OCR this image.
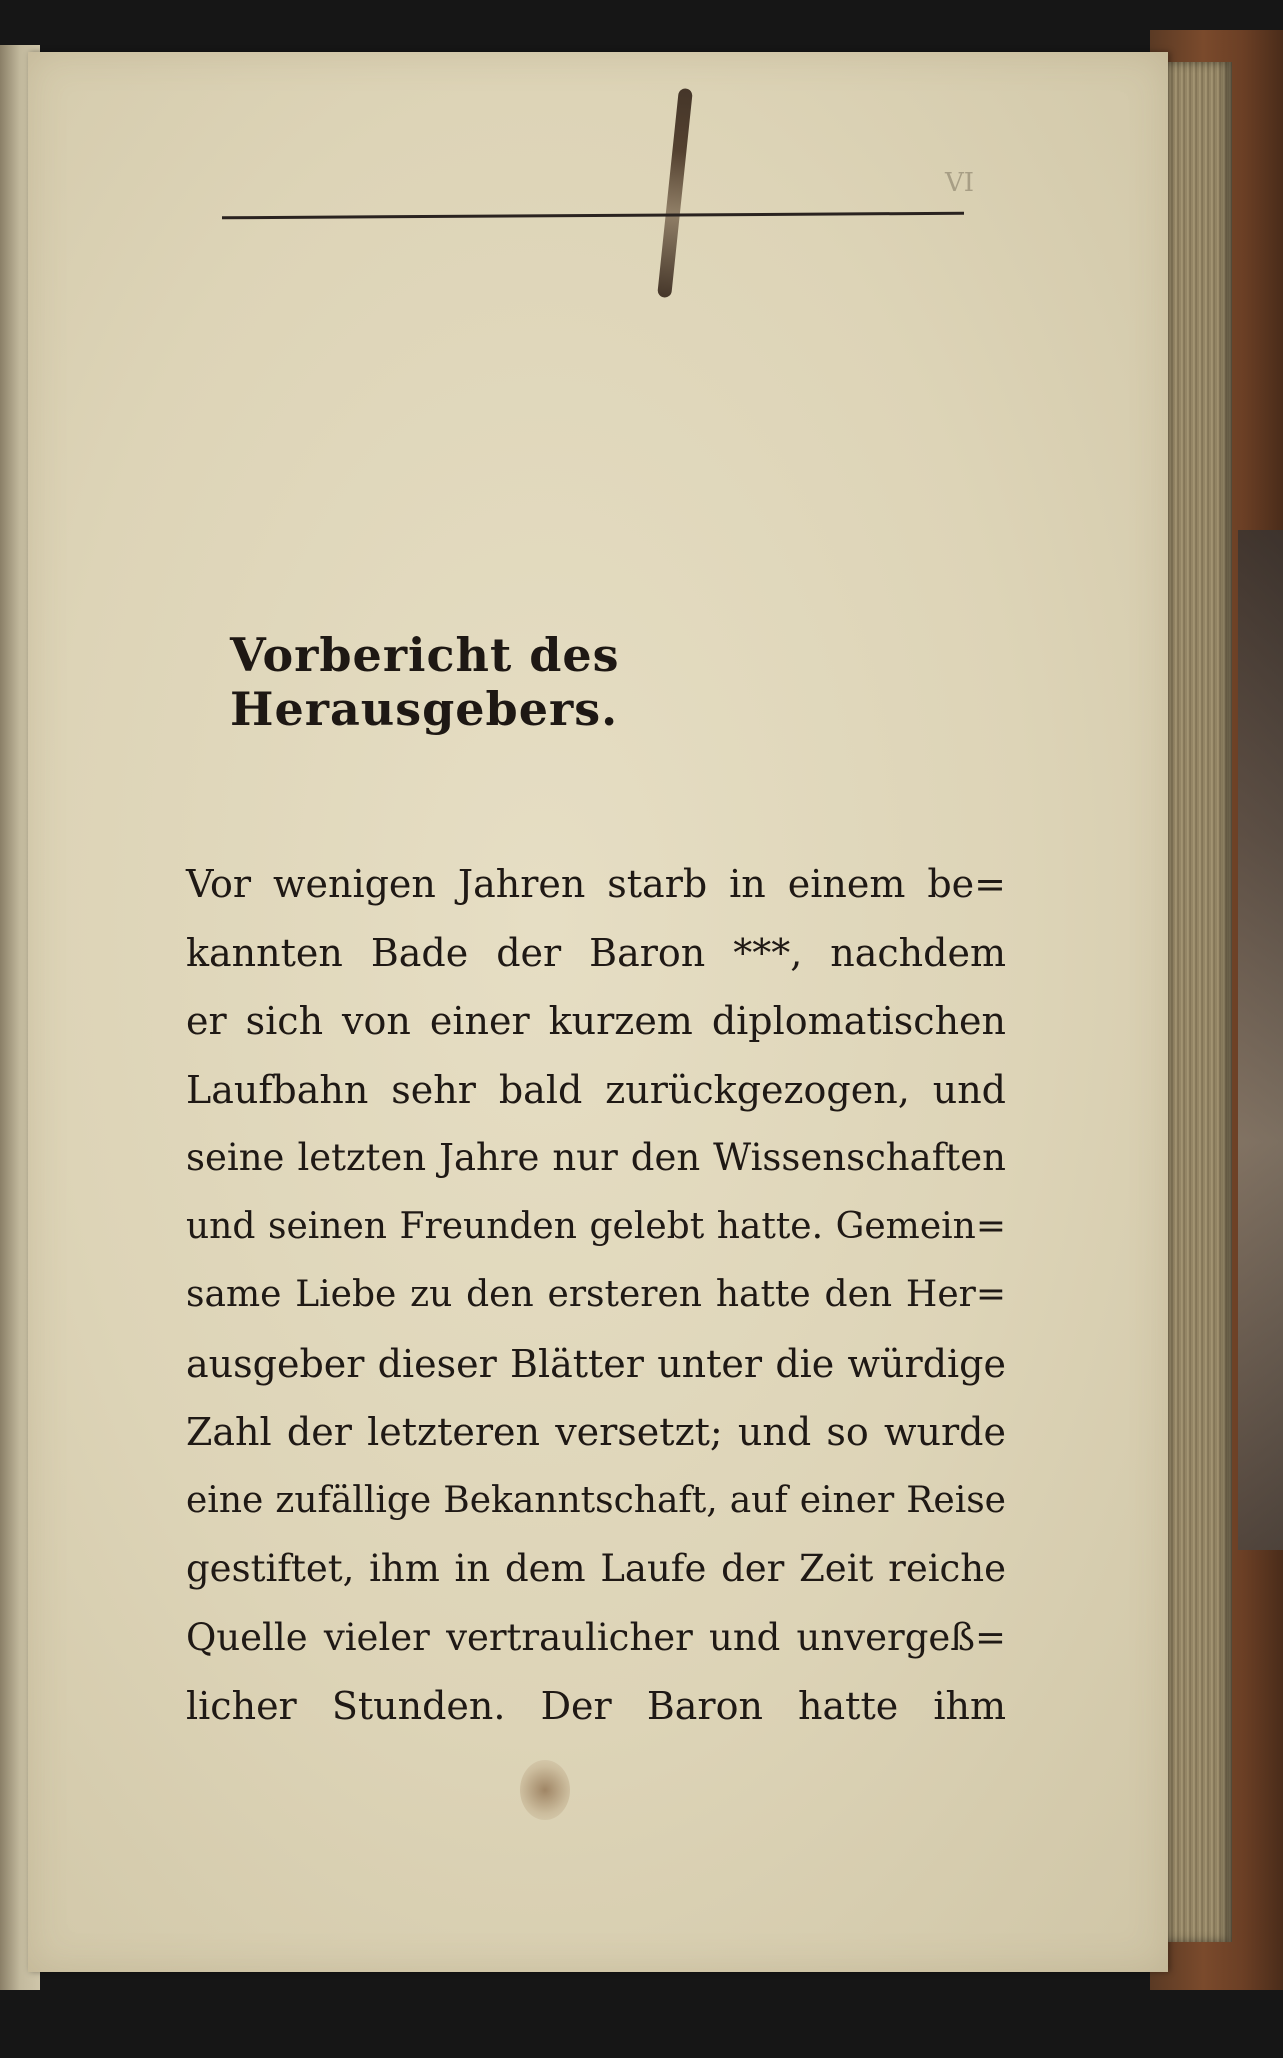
VI
Vorbericht des Herausgebers.
Vor wenigen Jahren starb in einem be=
kannten Bade der Baron ***, nachdem
er sich von einer kurzem diplomatischen
Laufbahn sehr bald zurückgezogen, und
seine letzten Jahre nur den Wissenschaften
und seinen Freunden gelebt hatte. Gemein=
same Liebe zu den ersteren hatte den Her=
ausgeber dieser Blätter unter die würdige
Zahl der letzteren versetzt; und so wurde
eine zufällige Bekanntschaft, auf einer Reise
gestiftet, ihm in dem Laufe der Zeit reiche
Quelle vieler vertraulicher und unvergeß=
licher Stunden. Der Baron hatte ihm
